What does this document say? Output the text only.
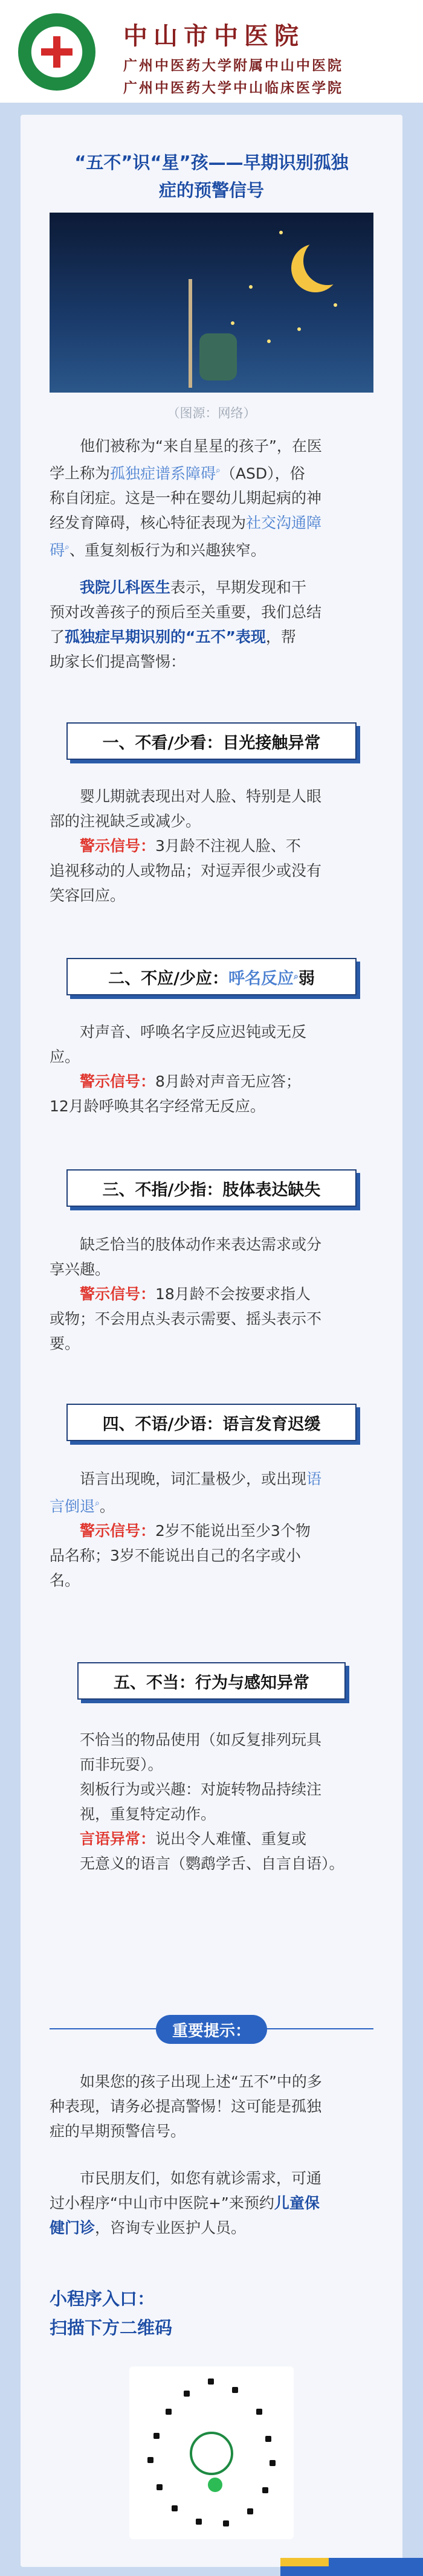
中山市中医院
广州中医药大学附属中山中医院
广州中医药大学中山临床医学院
“五不”识“星”孩——早期识别孤独
症的预警信号
（图源：网络）
他们被称为“来自星星的孩子”，在医
学上称为孤独症谱系障碍⌕（ASD），俗
称自闭症。这是一种在婴幼儿期起病的神
经发育障碍，核心特征表现为社交沟通障
碍⌕、重复刻板行为和兴趣狭窄。
我院儿科医生表示，早期发现和干
预对改善孩子的预后至关重要，我们总结
了孤独症早期识别的“五不”表现，帮
助家长们提高警惕：
一、不看/少看：目光接触异常
婴儿期就表现出对人脸、特别是人眼
部的注视缺乏或减少。
警示信号：3月龄不注视人脸、不
追视移动的人或物品；对逗弄很少或没有
笑容回应。
二、不应/少应： 呼名反应 ⌕ 弱
对声音、呼唤名字反应迟钝或无反
应。
警示信号：8月龄对声音无应答；
12月龄呼唤其名字经常无反应。
三、不指/少指：肢体表达缺失
缺乏恰当的肢体动作来表达需求或分
享兴趣。
警示信号：18月龄不会按要求指人
或物；不会用点头表示需要、摇头表示不
要。
四、不语/少语：语言发育迟缓
语言出现晚，词汇量极少，或出现语
言倒退⌕。
警示信号：2岁不能说出至少3个物
品名称；3岁不能说出自己的名字或小
名。
五、不当：行为与感知异常
不恰当的物品使用（如反复排列玩具
而非玩耍）。
刻板行为或兴趣：对旋转物品持续注
视，重复特定动作。
言语异常：说出令人难懂、重复或
无意义的语言（鹦鹉学舌、自言自语）。
重要提示：
如果您的孩子出现上述“五不”中的多
种表现，请务必提高警惕！这可能是孤独
症的早期预警信号。
市民朋友们，如您有就诊需求，可通
过小程序“中山市中医院+”来预约儿童保
健门诊，咨询专业医护人员。
小程序入口：
扫描下方二维码
